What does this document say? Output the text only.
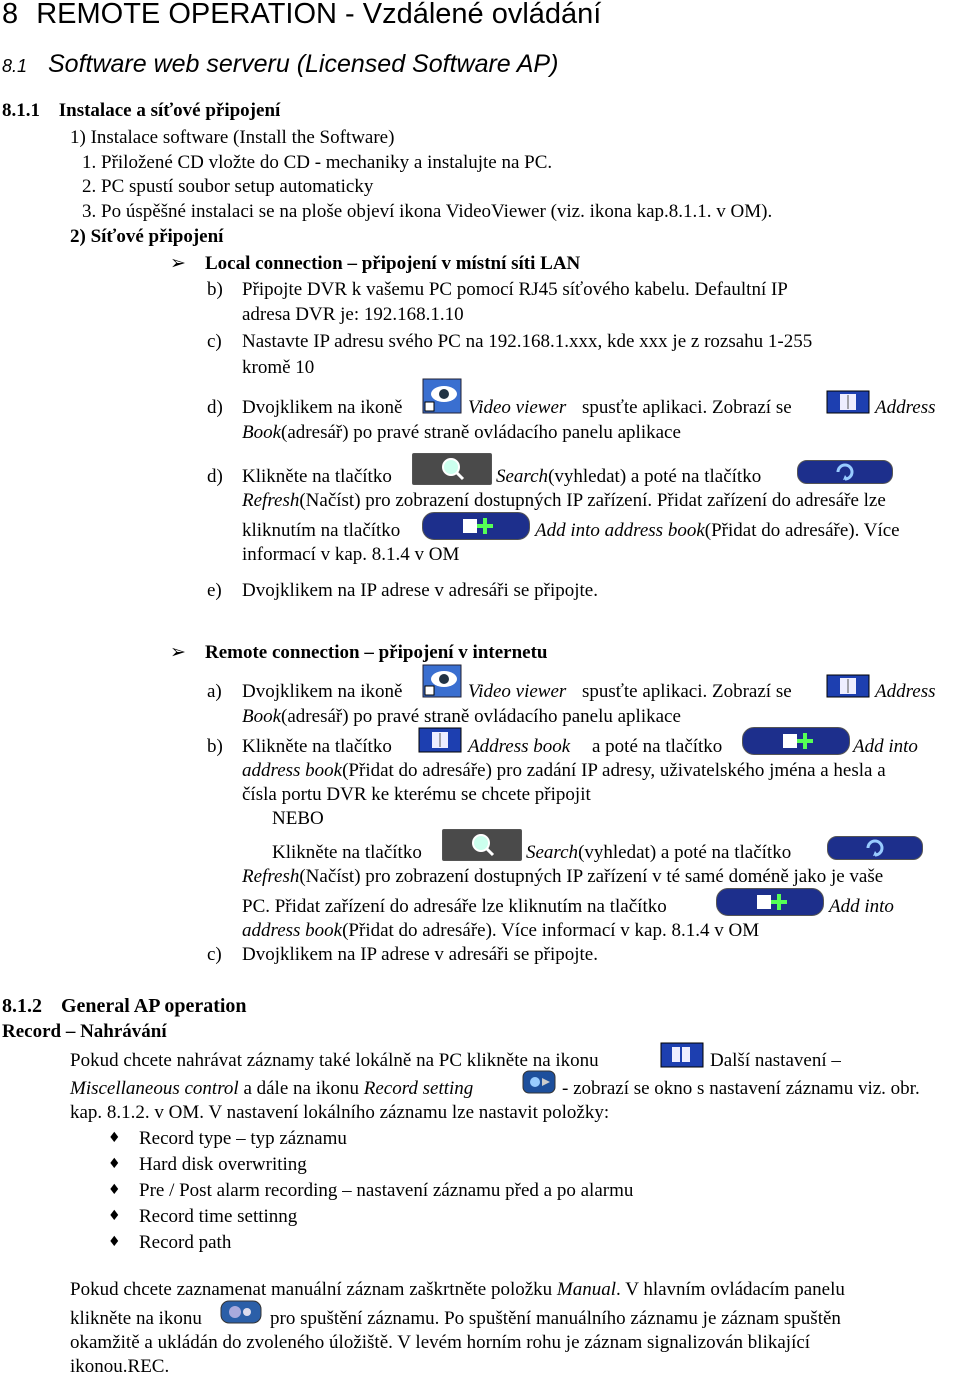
8 REMOTE OPERATION - Vzdálené ovládání
8.1 Software web serveru (Licensed Software AP)
8.1.1 Instalace a síťové připojení
1) Instalace software (Install the Software)
1. Přiložené CD vložte do CD - mechaniky a instalujte na PC.
2. PC spustí soubor setup automaticky
3. Po úspěšné instalaci se na ploše objeví ikona VideoViewer (viz. ikona kap.8.1.1. v OM).
2) Síťové připojení
➢ Local connection – připojení v místní síti LAN
b) Připojte DVR k vašemu PC pomocí RJ45 síťového kabelu. Defaultní IP
adresa DVR je: 192.168.1.10
c) Nastavte IP adresu svého PC na 192.168.1.xxx, kde xxx je z rozsahu 1-255
kromě 10
d) Dvojklikem na ikoně	Video viewer spusťte aplikaci. Zobrazí se	Address
Book(adresář) po pravé straně ovládacího panelu aplikace
d) Klikněte na tlačítko	Search(vyhledat) a poté na tlačítko
Refresh(Načíst) pro zobrazení dostupných IP zařízení. Přidat zařízení do adresáře lze
kliknutím na tlačítko	Add into address book(Přidat do adresáře). Více
informací v kap. 8.1.4 v OM
e) Dvojklikem na IP adrese v adresáři se připojte.
➢ Remote connection – připojení v internetu
a) Dvojklikem na ikoně	Video viewer spusťte aplikaci. Zobrazí se	Address
Book(adresář) po pravé straně ovládacího panelu aplikace
b) Klikněte na tlačítko	Address book a poté na tlačítko	Add into
address book(Přidat do adresáře) pro zadání IP adresy, uživatelského jména a hesla a
čísla portu DVR ke kterému se chcete připojit
NEBO
Klikněte na tlačítko	Search(vyhledat) a poté na tlačítko
Refresh(Načíst) pro zobrazení dostupných IP zařízení v té samé doméně jako je vaše
PC. Přidat zařízení do adresáře lze kliknutím na tlačítko	Add into
address book(Přidat do adresáře). Více informací v kap. 8.1.4 v OM
c) Dvojklikem na IP adrese v adresáři se připojte.
8.1.2 General AP operation
Record – Nahrávání
Pokud chcete nahrávat záznamy také lokálně na PC klikněte na ikonu	Další nastavení –
Miscellaneous control a dále na ikonu Record setting	- zobrazí se okno s nastavení záznamu viz. obr.
kap. 8.1.2. v OM. V nastavení lokálního záznamu lze nastavit položky:
♦ Record type – typ záznamu
♦ Hard disk overwriting
♦ Pre / Post alarm recording – nastavení záznamu před a po alarmu
♦ Record time settinng
♦ Record path
Pokud chcete zaznamenat manuální záznam zaškrtněte položku Manual. V hlavním ovládacím panelu
klikněte na ikonu	pro spuštění záznamu. Po spuštění manuálního záznamu je záznam spuštěn
okamžitě a ukládán do zvoleného úložiště. V levém horním rohu je záznam signalizován blikající
ikonou.REC.
